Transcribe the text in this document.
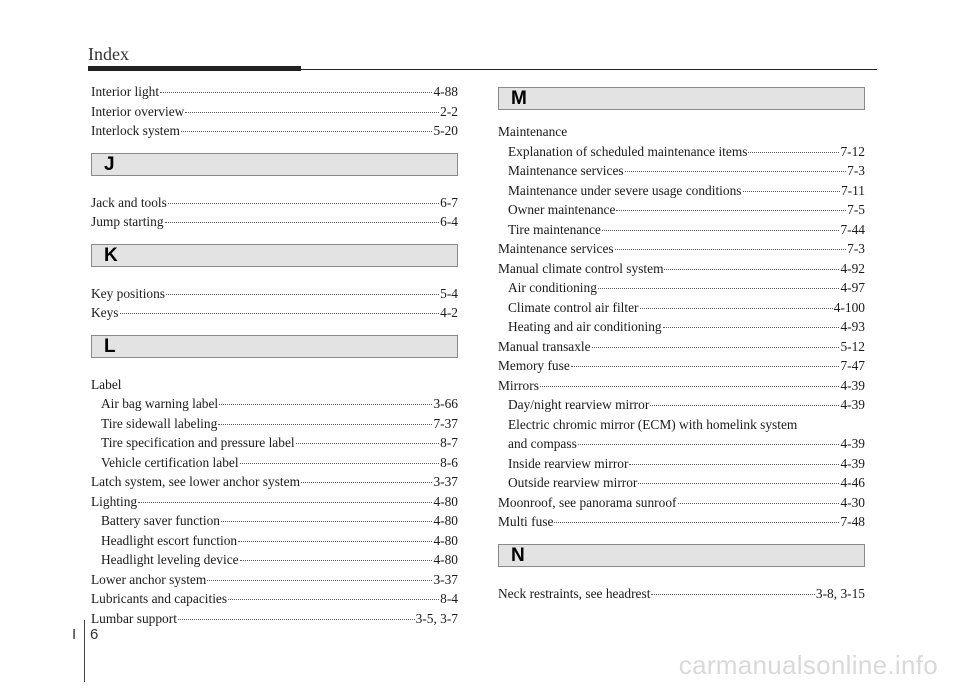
Index
Interior light	4-88
Interior overview	2-2
Interlock system	5-20
J
Jack and tools	6-7
Jump starting	6-4
K
Key positions	5-4
Keys	4-2
L
Label
Air bag warning label	3-66
Tire sidewall labeling	7-37
Tire specification and pressure label	8-7
Vehicle certification label	8-6
Latch system, see lower anchor system	3-37
Lighting	4-80
Battery saver function	4-80
Headlight escort function	4-80
Headlight leveling device	4-80
Lower anchor system	3-37
Lubricants and capacities	8-4
Lumbar support	3-5, 3-7
M
Maintenance
Explanation of scheduled maintenance items	7-12
Maintenance services	7-3
Maintenance under severe usage conditions	7-11
Owner maintenance	7-5
Tire maintenance	7-44
Maintenance services	7-3
Manual climate control system	4-92
Air conditioning	4-97
Climate control air filter	4-100
Heating and air conditioning	4-93
Manual transaxle	5-12
Memory fuse	7-47
Mirrors	4-39
Day/night rearview mirror	4-39
Electric chromic mirror (ECM) with homelink system
and compass	4-39
Inside rearview mirror	4-39
Outside rearview mirror	4-46
Moonroof, see panorama sunroof	4-30
Multi fuse	7-48
N
Neck restraints, see headrest	3-8, 3-15
I 6
carmanualsonline.info
